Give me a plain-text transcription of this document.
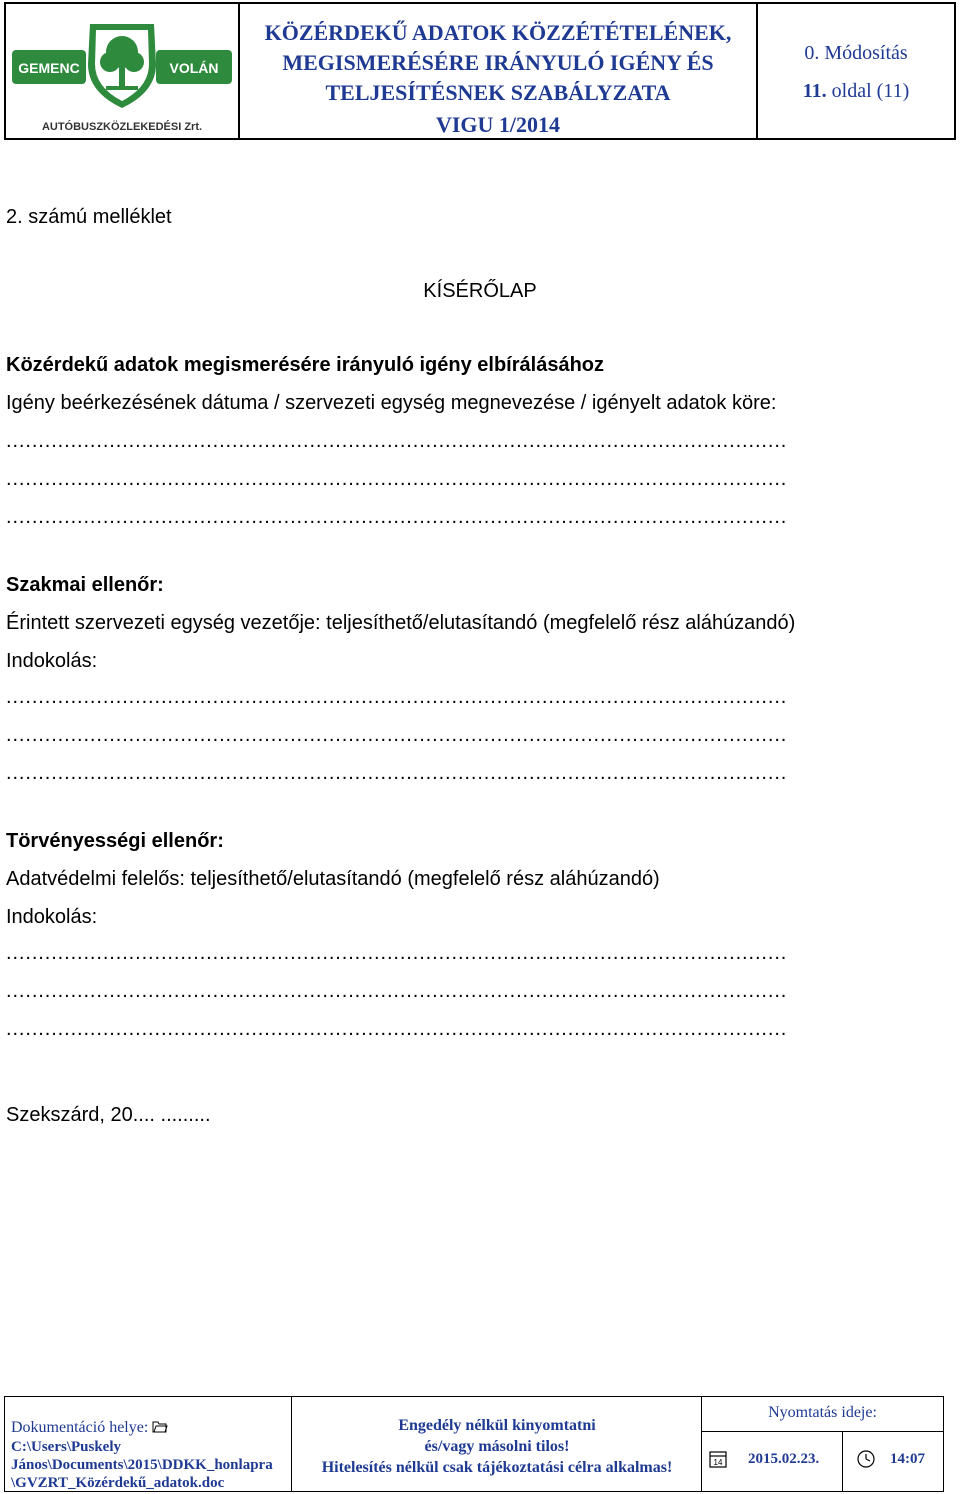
GEMENC	VOLÁN
AUTÓBUSZKÖZLEKEDÉSI Zrt.
KÖZÉRDEKŰ ADATOK KÖZZÉTÉTELÉNEK,
MEGISMERÉSÉRE IRÁNYULÓ IGÉNY ÉS
TELJESÍTÉSNEK SZABÁLYZATA
VIGU 1/2014
0. Módosítás
11. oldal (11)
2. számú melléklet
KÍSÉRŐLAP
Közérdekű adatok megismerésére irányuló igény elbírálásához
Igény beérkezésének dátuma / szervezeti egység megnevezése / igényelt adatok köre:
.........................................................................................................................
.........................................................................................................................
.........................................................................................................................
Szakmai ellenőr:
Érintett szervezeti egység vezetője: teljesíthető/elutasítandó (megfelelő rész aláhúzandó)
Indokolás:
.........................................................................................................................
.........................................................................................................................
.........................................................................................................................
Törvényességi ellenőr:
Adatvédelmi felelős: teljesíthető/elutasítandó (megfelelő rész aláhúzandó)
Indokolás:
.........................................................................................................................
.........................................................................................................................
.........................................................................................................................
Szekszárd, 20.... .........
Dokumentáció helye:
C:\Users\Puskely
János\Documents\2015\DDKK_honlapra
\GVZRT_Közérdekű_adatok.doc
Engedély nélkül kinyomtatni
és/vagy másolni tilos!
Hitelesítés nélkül csak tájékoztatási célra alkalmas!
Nyomtatás ideje:
14 2015.02.23.	14:07
